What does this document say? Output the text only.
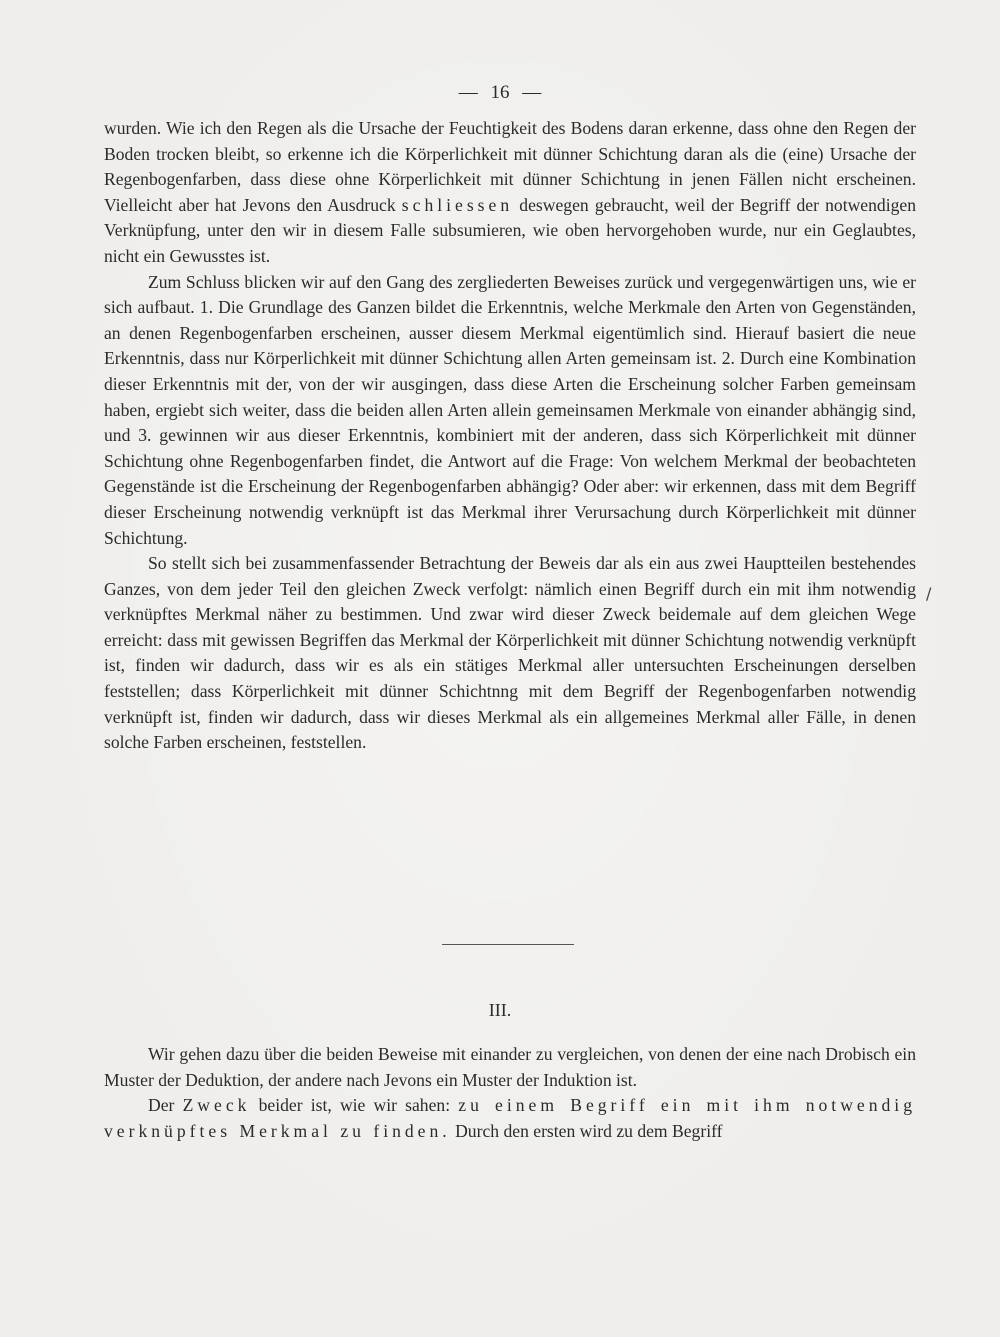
— 16 —

wurden. Wie ich den Regen als die Ursache der Feuchtigkeit des Bodens daran erkenne, dass ohne den Regen der Boden trocken bleibt, so erkenne ich die Körperlichkeit mit dünner Schichtung daran als die (eine) Ursache der Regenbogenfarben, dass diese ohne Körperlichkeit mit dünner Schichtung in jenen Fällen nicht erscheinen. Vielleicht aber hat Jevons den Ausdruck schliessen deswegen gebraucht, weil der Begriff der notwendigen Verknüpfung, unter den wir in diesem Falle subsumieren, wie oben hervorgehoben wurde, nur ein Geglaubtes, nicht ein Gewusstes ist.

Zum Schluss blicken wir auf den Gang des zergliederten Beweises zurück und vergegenwärtigen uns, wie er sich aufbaut. 1. Die Grundlage des Ganzen bildet die Erkenntnis, welche Merkmale den Arten von Gegenständen, an denen Regenbogenfarben erscheinen, ausser diesem Merkmal eigentümlich sind. Hierauf basiert die neue Erkenntnis, dass nur Körperlichkeit mit dünner Schichtung allen Arten gemeinsam ist. 2. Durch eine Kombination dieser Erkenntnis mit der, von der wir ausgingen, dass diese Arten die Erscheinung solcher Farben gemeinsam haben, ergiebt sich weiter, dass die beiden allen Arten allein gemeinsamen Merkmale von einander abhängig sind, und 3. gewinnen wir aus dieser Erkenntnis, kombiniert mit der anderen, dass sich Körperlichkeit mit dünner Schichtung ohne Regenbogenfarben findet, die Antwort auf die Frage: Von welchem Merkmal der beobachteten Gegenstände ist die Erscheinung der Regenbogenfarben abhängig? Oder aber: wir erkennen, dass mit dem Begriff dieser Erscheinung notwendig verknüpft ist das Merkmal ihrer Verursachung durch Körperlichkeit mit dünner Schichtung.

So stellt sich bei zusammenfassender Betrachtung der Beweis dar als ein aus zwei Hauptteilen bestehendes Ganzes, von dem jeder Teil den gleichen Zweck verfolgt: nämlich einen Begriff durch ein mit ihm notwendig verknüpftes Merkmal näher zu bestimmen. Und zwar wird dieser Zweck beidemale auf dem gleichen Wege erreicht: dass mit gewissen Begriffen das Merkmal der Körperlichkeit mit dünner Schichtung notwendig verknüpft ist, finden wir dadurch, dass wir es als ein stätiges Merkmal aller untersuchten Erscheinungen derselben feststellen; dass Körperlichkeit mit dünner Schichtnng mit dem Begriff der Regenbogenfarben notwendig verknüpft ist, finden wir dadurch, dass wir dieses Merkmal als ein allgemeines Merkmal aller Fälle, in denen solche Farben erscheinen, feststellen.

III.

Wir gehen dazu über die beiden Beweise mit einander zu vergleichen, von denen der eine nach Drobisch ein Muster der Deduktion, der andere nach Jevons ein Muster der Induktion ist.

Der Zweck beider ist, wie wir sahen: zu einem Begriff ein mit ihm notwendig verknüpftes Merkmal zu finden. Durch den ersten wird zu dem Begriff

/
